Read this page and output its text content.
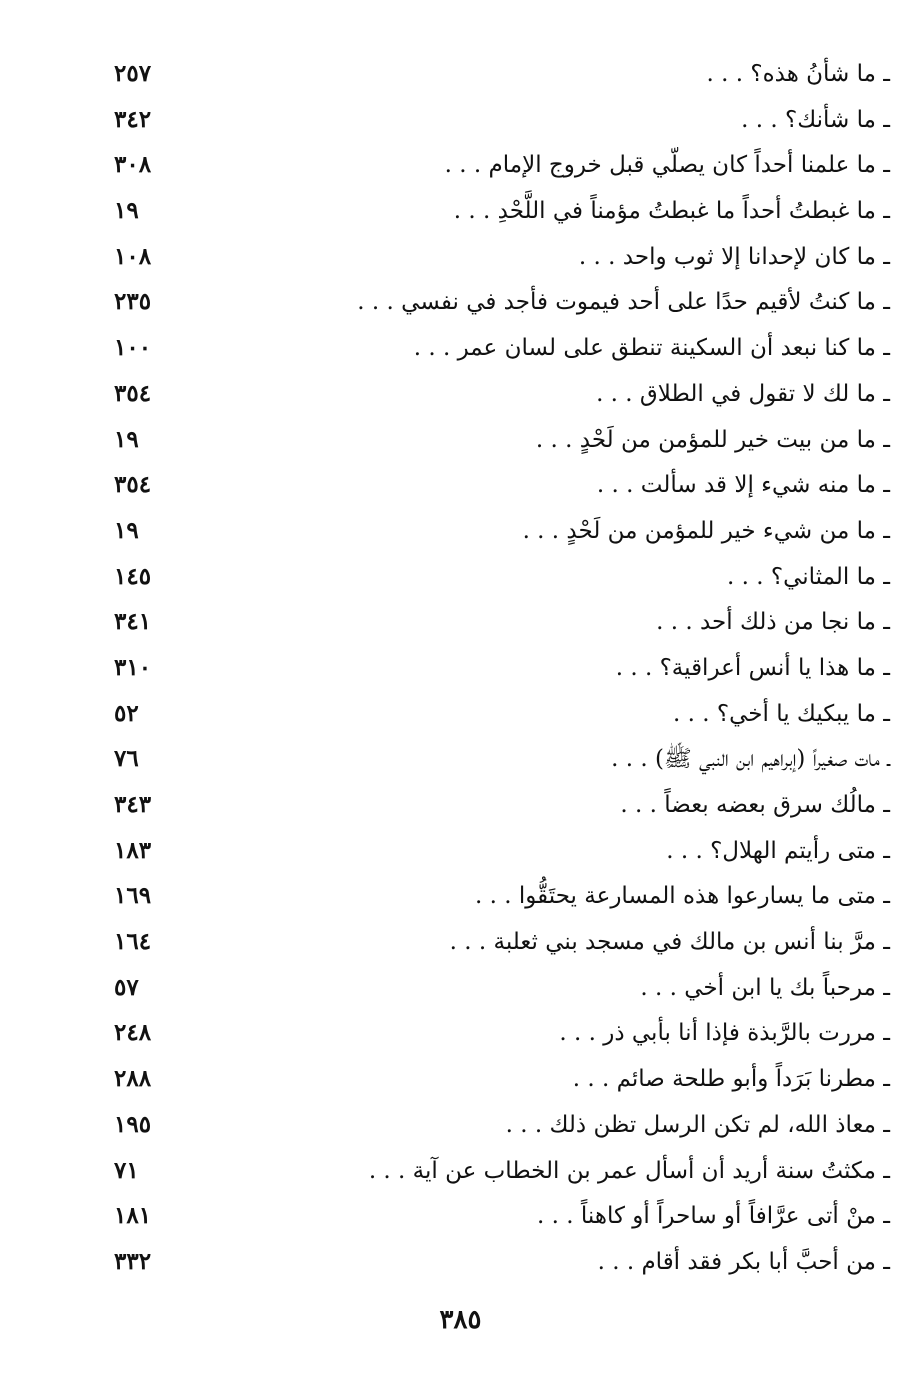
ـ ما شأنُ هذه؟ . . .
٢٥٧
ـ ما شأنك؟ . . .
٣٤٢
ـ ما علمنا أحداً كان يصلّي قبل خروج الإمام . . .
٣٠٨
ـ ما غبطتُ أحداً ما غبطتُ مؤمناً في اللَّحْدِ . . .
١٩
ـ ما كان لإحدانا إلا ثوب واحد . . .
١٠٨
ـ ما كنتُ لأقيم حدًا على أحد فيموت فأجد في نفسي . . .
٢٣٥
ـ ما كنا نبعد أن السكينة تنطق على لسان عمر . . .
١٠٠
ـ ما لك لا تقول في الطلاق . . .
٣٥٤
ـ ما من بيت خير للمؤمن من لَحْدٍ . . .
١٩
ـ ما منه شيء إلا قد سألت . . .
٣٥٤
ـ ما من شيء خير للمؤمن من لَحْدٍ . . .
١٩
ـ ما المثاني؟ . . .
١٤٥
ـ ما نجا من ذلك أحد . . .
٣٤١
ـ ما هذا يا أنس أعراقية؟ . . .
٣١٠
ـ ما يبكيك يا أخي؟ . . .
٥٢
ـ مات صغيراً (إبراهيم ابن النبي ﷺ) . . .
٧٦
ـ مالُك سرق بعضه بعضاً . . .
٣٤٣
ـ متى رأيتم الهلال؟ . . .
١٨٣
ـ متى ما يسارعوا هذه المسارعة يحتَقُّوا . . .
١٦٩
ـ مرَّ بنا أنس بن مالك في مسجد بني ثعلبة . . .
١٦٤
ـ مرحباً بك يا ابن أخي . . .
٥٧
ـ مررت بالرَّبذة فإذا أنا بأبي ذر . . .
٢٤٨
ـ مطرنا بَرَداً وأبو طلحة صائم . . .
٢٨٨
ـ معاذ الله، لم تكن الرسل تظن ذلك . . .
١٩٥
ـ مكثتُ سنة أريد أن أسأل عمر بن الخطاب عن آية . . .
٧١
ـ منْ أتى عرَّافاً أو ساحراً أو كاهناً . . .
١٨١
ـ من أحبَّ أبا بكر فقد أقام . . .
٣٣٢
٣٨٥
